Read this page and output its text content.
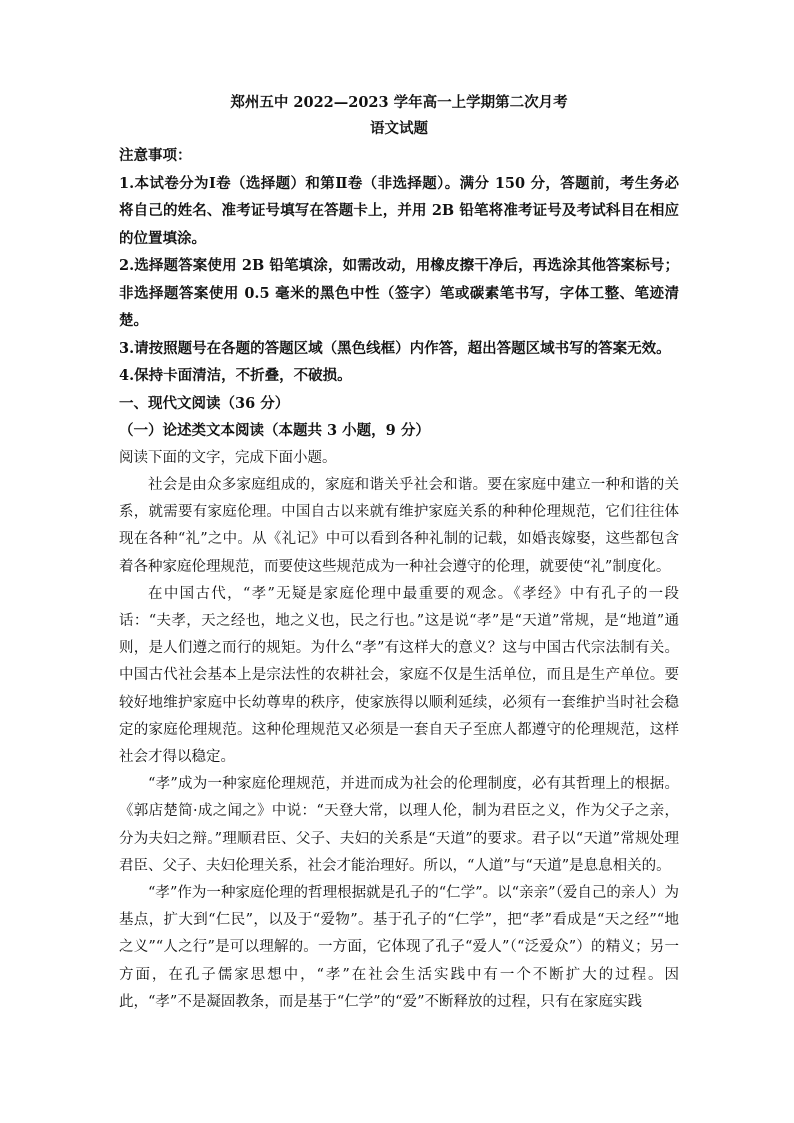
郑州五中 2022—2023 学年高一上学期第二次月考

语文试题

注意事项：

1.本试卷分为Ⅰ卷（选择题）和第Ⅱ卷（非选择题）。满分 150 分，答题前，考生务必将自己的姓名、准考证号填写在答题卡上，并用 2B 铅笔将准考证号及考试科目在相应的位置填涂。

2.选择题答案使用 2B 铅笔填涂，如需改动，用橡皮擦干净后，再选涂其他答案标号；非选择题答案使用 0.5 毫米的黑色中性（签字）笔或碳素笔书写，字体工整、笔迹清楚。

3.请按照题号在各题的答题区域（黑色线框）内作答，超出答题区域书写的答案无效。

4.保持卡面清洁，不折叠，不破损。

一、现代文阅读（36 分）

（一）论述类文本阅读（本题共 3 小题，9 分）

阅读下面的文字，完成下面小题。

社会是由众多家庭组成的，家庭和谐关乎社会和谐。要在家庭中建立一种和谐的关系，就需要有家庭伦理。中国自古以来就有维护家庭关系的种种伦理规范，它们往往体现在各种“礼”之中。从《礼记》中可以看到各种礼制的记载，如婚丧嫁娶，这些都包含着各种家庭伦理规范，而要使这些规范成为一种社会遵守的伦理，就要使“礼”制度化。

在中国古代，“孝”无疑是家庭伦理中最重要的观念。《孝经》中有孔子的一段话：“夫孝，天之经也，地之义也，民之行也。”这是说“孝”是“天道”常规，是“地道”通则，是人们遵之而行的规矩。为什么“孝”有这样大的意义？这与中国古代宗法制有关。中国古代社会基本上是宗法性的农耕社会，家庭不仅是生活单位，而且是生产单位。要较好地维护家庭中长幼尊卑的秩序，使家族得以顺利延续，必须有一套维护当时社会稳定的家庭伦理规范。这种伦理规范又必须是一套自天子至庶人都遵守的伦理规范，这样社会才得以稳定。

“孝”成为一种家庭伦理规范，并进而成为社会的伦理制度，必有其哲理上的根据。《郭店楚简·成之闻之》中说：“天登大常，以理人伦，制为君臣之义，作为父子之亲，分为夫妇之辩。”理顺君臣、父子、夫妇的关系是“天道”的要求。君子以“天道”常规处理君臣、父子、夫妇伦理关系，社会才能治理好。所以，“人道”与“天道”是息息相关的。

“孝”作为一种家庭伦理的哲理根据就是孔子的“仁学”。以“亲亲”（爱自己的亲人）为基点，扩大到“仁民”，以及于“爱物”。基于孔子的“仁学”，把“孝”看成是“天之经”“地之义”“人之行”是可以理解的。一方面，它体现了孔子“爱人”（“泛爱众”）的精义；另一方面，在孔子儒家思想中，“孝”在社会生活实践中有一个不断扩大的过程。因此，“孝”不是凝固教条，而是基于“仁学”的“爱”不断释放的过程，只有在家庭实践
